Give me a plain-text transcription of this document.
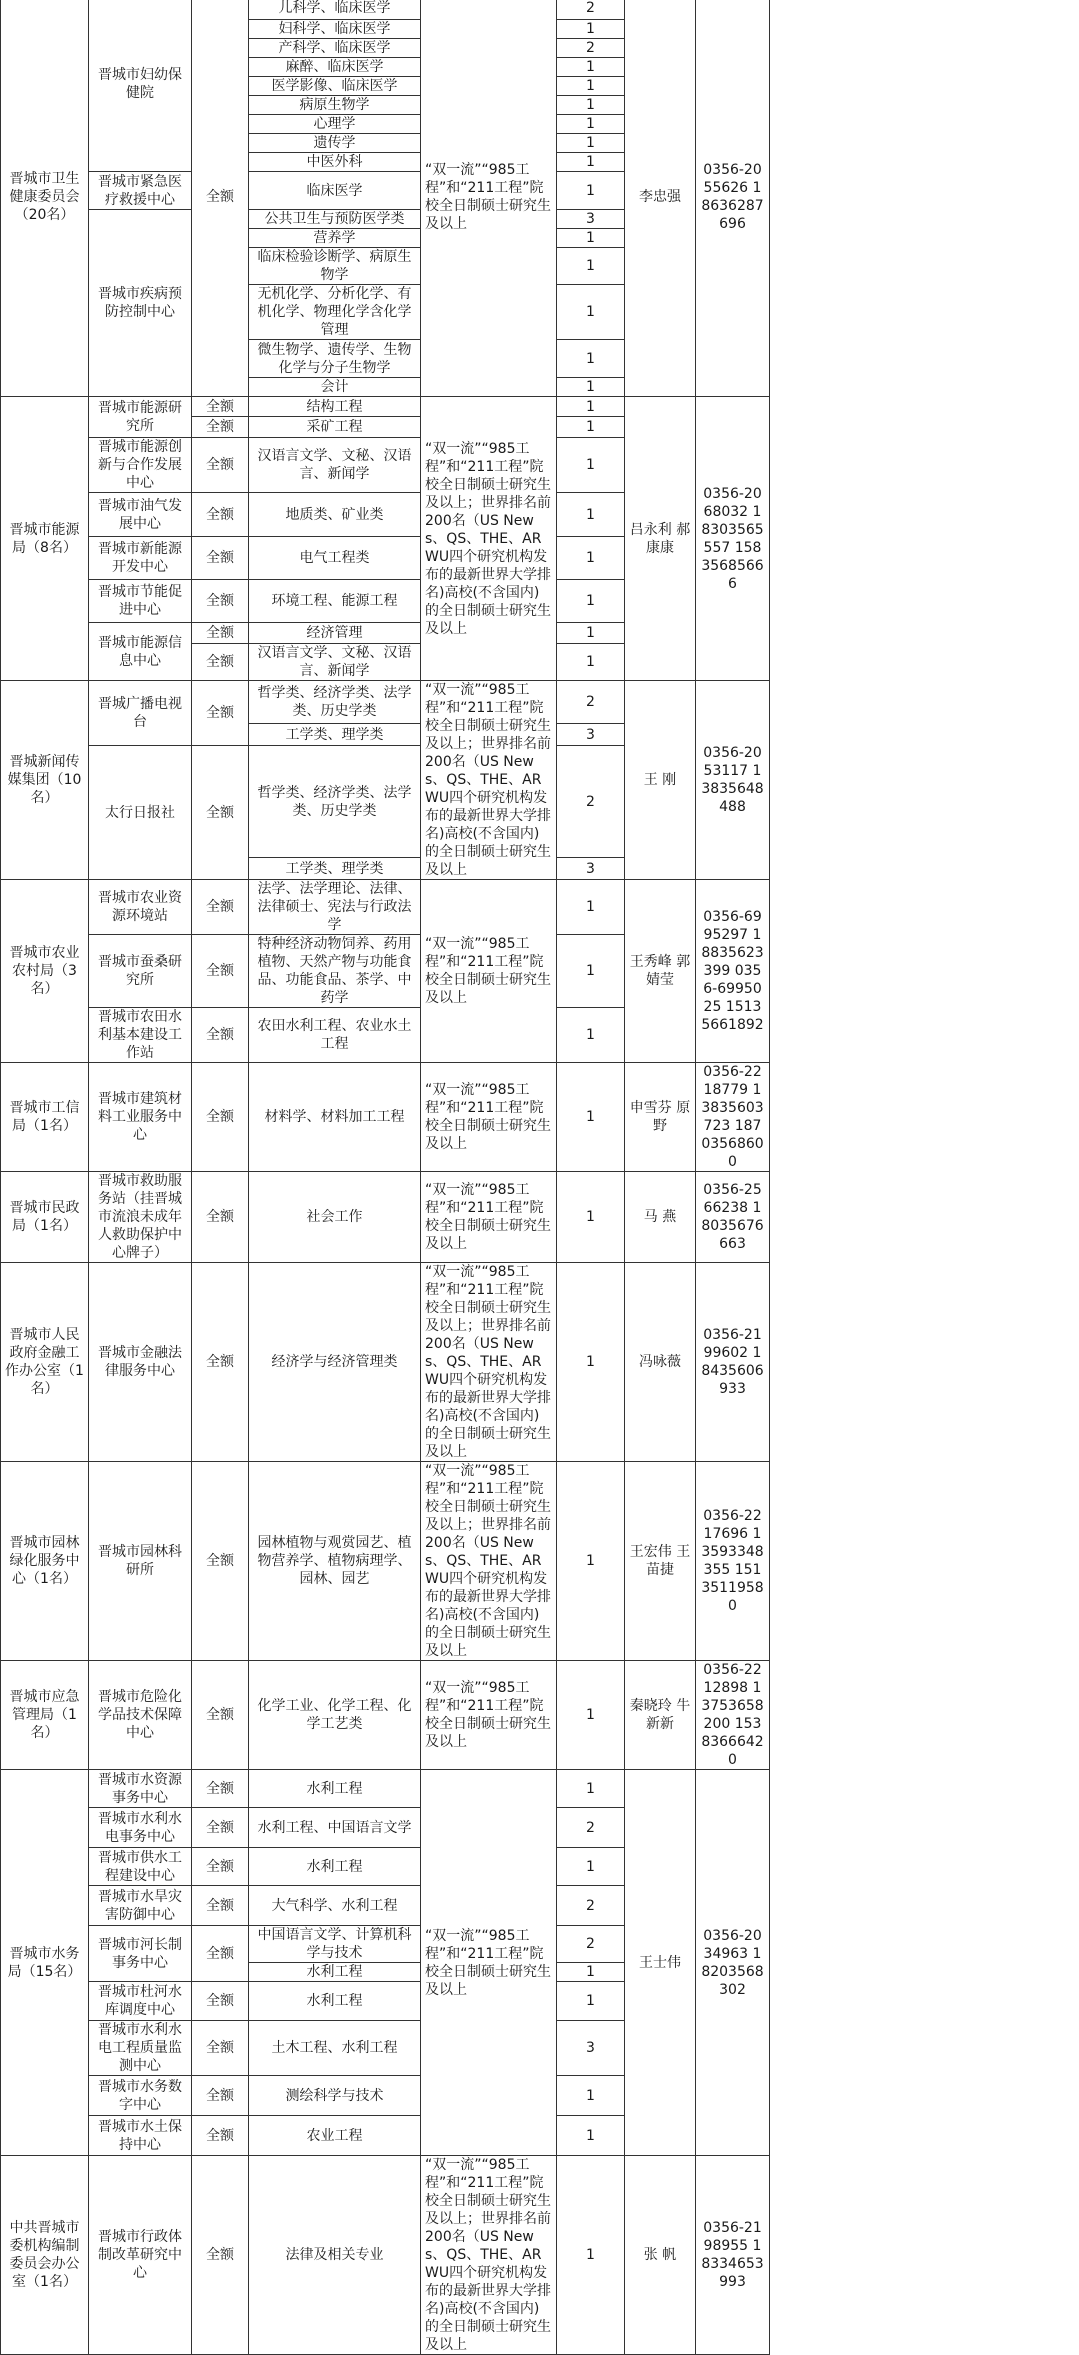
晋城市卫生健康委员会（20名）	晋城市妇幼保健院	全额	儿科学、临床医学	“双一流”“985工程”和“211工程”院校全日制硕士研究生及以上	2	李忠强	0356-2055626 18636287696
			妇科学、临床医学		1		
			产科学、临床医学		2		
			麻醉、临床医学		1		
			医学影像、临床医学		1		
			病原生物学		1		
			心理学		1		
			遗传学		1		
			中医外科		1		
	晋城市紧急医疗救援中心		临床医学		1		
	晋城市疾病预防控制中心		公共卫生与预防医学类		3		
			营养学		1		
			临床检验诊断学、病原生物学		1		
			无机化学、分析化学、有机化学、物理化学含化学管理		1		
			微生物学、遗传学、生物化学与分子生物学		1		
			会计		1		
晋城市能源局（8名）	晋城市能源研究所	全额	结构工程	“双一流”“985工程”和“211工程”院校全日制硕士研究生及以上；世界排名前200名（US News、QS、THE、ARWU四个研究机构发布的最新世界大学排名)高校(不含国内)的全日制硕士研究生及以上	1	吕永利 郝康康	0356-2068032 18303565557 15835685666
		全额	采矿工程		1		
	晋城市能源创新与合作发展中心	全额	汉语言文学、文秘、汉语言、新闻学		1		
	晋城市油气发展中心	全额	地质类、矿业类		1		
	晋城市新能源开发中心	全额	电气工程类		1		
	晋城市节能促进中心	全额	环境工程、能源工程		1		
	晋城市能源信息中心	全额	经济管理		1		
		全额	汉语言文学、文秘、汉语言、新闻学		1		
晋城新闻传媒集团（10名）	晋城广播电视台	全额	哲学类、经济学类、法学类、历史学类	“双一流”“985工程”和“211工程”院校全日制硕士研究生及以上；世界排名前200名（US News、QS、THE、ARWU四个研究机构发布的最新世界大学排名)高校(不含国内)的全日制硕士研究生及以上	2	王 刚	0356-2053117 13835648488
			工学类、理学类		3		
	太行日报社	全额	哲学类、经济学类、法学类、历史学类		2		
			工学类、理学类		3		
晋城市农业农村局（3名）	晋城市农业资源环境站	全额	法学、法学理论、法律、法律硕士、宪法与行政法学	“双一流”“985工程”和“211工程”院校全日制硕士研究生及以上	1	王秀峰 郭婧莹	0356-6995297 18835623399 0356-6995025 15135661892
	晋城市蚕桑研究所	全额	特种经济动物饲养、药用植物、天然产物与功能食品、功能食品、茶学、中药学		1		
	晋城市农田水利基本建设工作站	全额	农田水利工程、农业水土工程		1		
晋城市工信局（1名）	晋城市建筑材料工业服务中心	全额	材料学、材料加工工程	“双一流”“985工程”和“211工程”院校全日制硕士研究生及以上	1	申雪芬 原 野	0356-2218779 13835603723 18703568600
晋城市民政局（1名）	晋城市救助服务站（挂晋城市流浪未成年人救助保护中心牌子）	全额	社会工作	“双一流”“985工程”和“211工程”院校全日制硕士研究生及以上	1	马 燕	0356-2566238 18035676663
晋城市人民政府金融工作办公室（1名）	晋城市金融法律服务中心	全额	经济学与经济管理类	“双一流”“985工程”和“211工程”院校全日制硕士研究生及以上；世界排名前200名（US News、QS、THE、ARWU四个研究机构发布的最新世界大学排名)高校(不含国内)的全日制硕士研究生及以上	1	冯咏薇	0356-2199602 18435606933
晋城市园林绿化服务中心（1名）	晋城市园林科研所	全额	园林植物与观赏园艺、植物营养学、植物病理学、园林、园艺	“双一流”“985工程”和“211工程”院校全日制硕士研究生及以上；世界排名前200名（US News、QS、THE、ARWU四个研究机构发布的最新世界大学排名)高校(不含国内)的全日制硕士研究生及以上	1	王宏伟 王苗捷	0356-2217696 13593348355 15135119580
晋城市应急管理局（1名）	晋城市危险化学品技术保障中心	全额	化学工业、化学工程、化学工艺类	“双一流”“985工程”和“211工程”院校全日制硕士研究生及以上	1	秦晓玲 牛新新	0356-2212898 13753658200 15383666420
晋城市水务局（15名）	晋城市水资源事务中心	全额	水利工程	“双一流”“985工程”和“211工程”院校全日制硕士研究生及以上	1	王士伟	0356-2034963 18203568302
	晋城市水利水电事务中心	全额	水利工程、中国语言文学		2		
	晋城市供水工程建设中心	全额	水利工程		1		
	晋城市水旱灾害防御中心	全额	大气科学、水利工程		2		
	晋城市河长制事务中心	全额	中国语言文学、计算机科学与技术		2		
			水利工程		1		
	晋城市杜河水库调度中心	全额	水利工程		1		
	晋城市水利水电工程质量监测中心	全额	土木工程、水利工程		3		
	晋城市水务数字中心	全额	测绘科学与技术		1		
	晋城市水土保持中心	全额	农业工程		1		
中共晋城市委机构编制委员会办公室（1名）	晋城市行政体制改革研究中心	全额	法律及相关专业	“双一流”“985工程”和“211工程”院校全日制硕士研究生及以上；世界排名前200名（US News、QS、THE、ARWU四个研究机构发布的最新世界大学排名)高校(不含国内)的全日制硕士研究生及以上	1	张 帆	0356-2198955 18334653993
